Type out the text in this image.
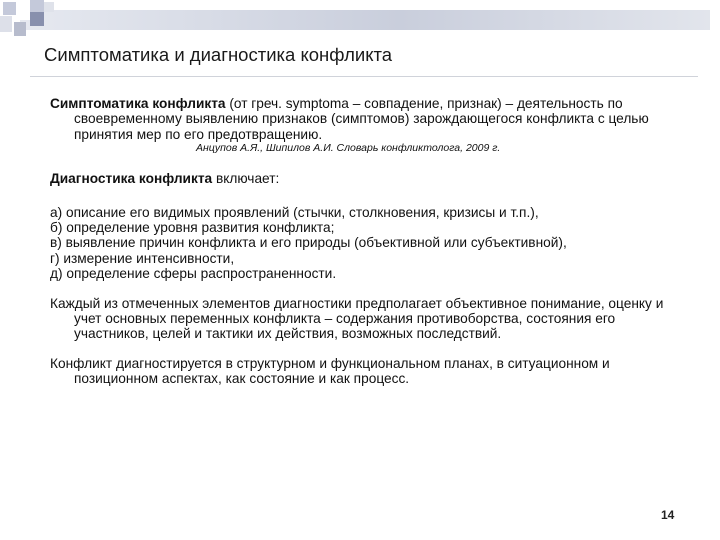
Симптоматика и диагностика конфликта

Симптоматика конфликта (от греч. symptoma – совпадение, признак) – деятельность по своевременному выявлению признаков (симптомов) зарождающегося конфликта с целью принятия мер по его предотвращению.

Анцупов А.Я., Шипилов А.И. Словарь конфликтолога, 2009 г.

Диагностика конфликта включает:

а) описание его видимых проявлений (стычки, столкновения, кризисы и т.п.),
б) определение уровня развития конфликта;
в) выявление причин конфликта и его природы (объективной или субъективной),
г) измерение интенсивности,
д) определение сферы распространенности.

Каждый из отмеченных элементов диагностики предполагает объективное понимание, оценку и учет основных переменных конфликта – содержания противоборства, состояния его участников, целей и тактики их действия, возможных последствий.

Конфликт диагностируется в структурном и функциональном планах, в ситуационном и позиционном аспектах, как состояние и как процесс.

14
